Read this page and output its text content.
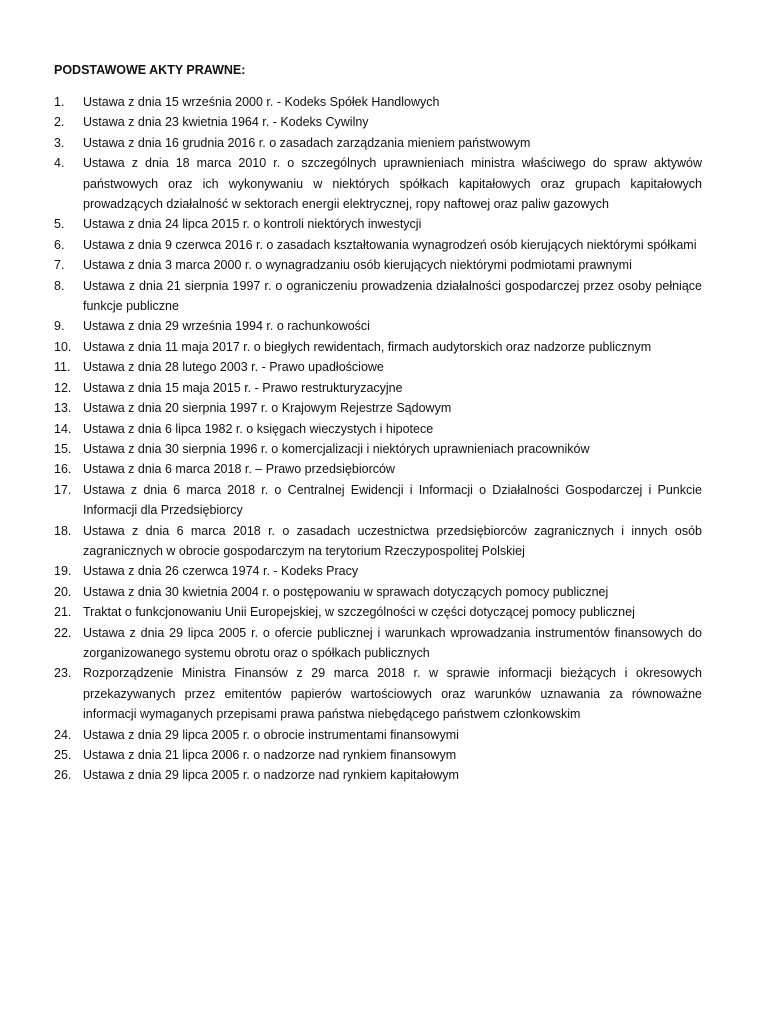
PODSTAWOWE AKTY PRAWNE:
1.	Ustawa z dnia 15 września 2000 r. - Kodeks Spółek Handlowych
2.	Ustawa z dnia 23 kwietnia 1964 r. - Kodeks Cywilny
3.	Ustawa z dnia 16 grudnia 2016 r. o zasadach zarządzania mieniem państwowym
4.	Ustawa z dnia 18 marca 2010 r. o szczególnych uprawnieniach ministra właściwego do spraw aktywów państwowych oraz ich wykonywaniu w niektórych spółkach kapitałowych oraz grupach kapitałowych prowadzących działalność w sektorach energii elektrycznej, ropy naftowej oraz paliw gazowych
5.	Ustawa z dnia 24 lipca 2015 r. o kontroli niektórych inwestycji
6.	Ustawa z dnia 9 czerwca 2016 r. o zasadach kształtowania wynagrodzeń osób kierujących niektórymi spółkami
7.	Ustawa z dnia 3 marca 2000 r. o wynagradzaniu osób kierujących niektórymi podmiotami prawnymi
8.	Ustawa z dnia 21 sierpnia 1997 r. o ograniczeniu prowadzenia działalności gospodarczej przez osoby pełniące funkcje publiczne
9.	Ustawa z dnia 29 września 1994 r. o rachunkowości
10. Ustawa z dnia 11 maja 2017 r. o biegłych rewidentach, firmach audytorskich oraz nadzorze publicznym
11.	Ustawa z dnia 28 lutego 2003 r. - Prawo upadłościowe
12. Ustawa z dnia 15 maja 2015 r. - Prawo restrukturyzacyjne
13. Ustawa z dnia 20 sierpnia 1997 r. o Krajowym Rejestrze Sądowym
14. Ustawa z dnia 6 lipca 1982 r. o księgach wieczystych i hipotece
15. Ustawa z dnia 30 sierpnia 1996 r. o komercjalizacji i niektórych uprawnieniach pracowników
16. Ustawa z dnia 6 marca 2018 r. – Prawo przedsiębiorców
17. Ustawa z dnia 6 marca 2018 r. o Centralnej Ewidencji i Informacji o Działalności Gospodarczej i Punkcie Informacji dla Przedsiębiorcy
18. Ustawa z dnia 6 marca 2018 r. o zasadach uczestnictwa przedsiębiorców zagranicznych i innych osób zagranicznych w obrocie gospodarczym na terytorium Rzeczypospolitej Polskiej
19. Ustawa z dnia 26 czerwca 1974 r. - Kodeks Pracy
20. Ustawa z dnia 30 kwietnia 2004 r. o postępowaniu w sprawach dotyczących pomocy publicznej
21. Traktat o funkcjonowaniu Unii Europejskiej, w szczególności w części dotyczącej pomocy publicznej
22. Ustawa z dnia 29 lipca 2005 r. o ofercie publicznej i warunkach wprowadzania instrumentów finansowych do zorganizowanego systemu obrotu oraz o spółkach publicznych
23. Rozporządzenie Ministra Finansów z 29 marca 2018 r. w sprawie informacji bieżących i okresowych przekazywanych przez emitentów papierów wartościowych oraz warunków uznawania za równoważne informacji wymaganych przepisami prawa państwa niebędącego państwem członkowskim
24. Ustawa z dnia 29 lipca 2005 r. o obrocie instrumentami finansowymi
25. Ustawa z dnia 21 lipca 2006 r. o nadzorze nad rynkiem finansowym
26. Ustawa z dnia 29 lipca 2005 r. o nadzorze nad rynkiem kapitałowym
